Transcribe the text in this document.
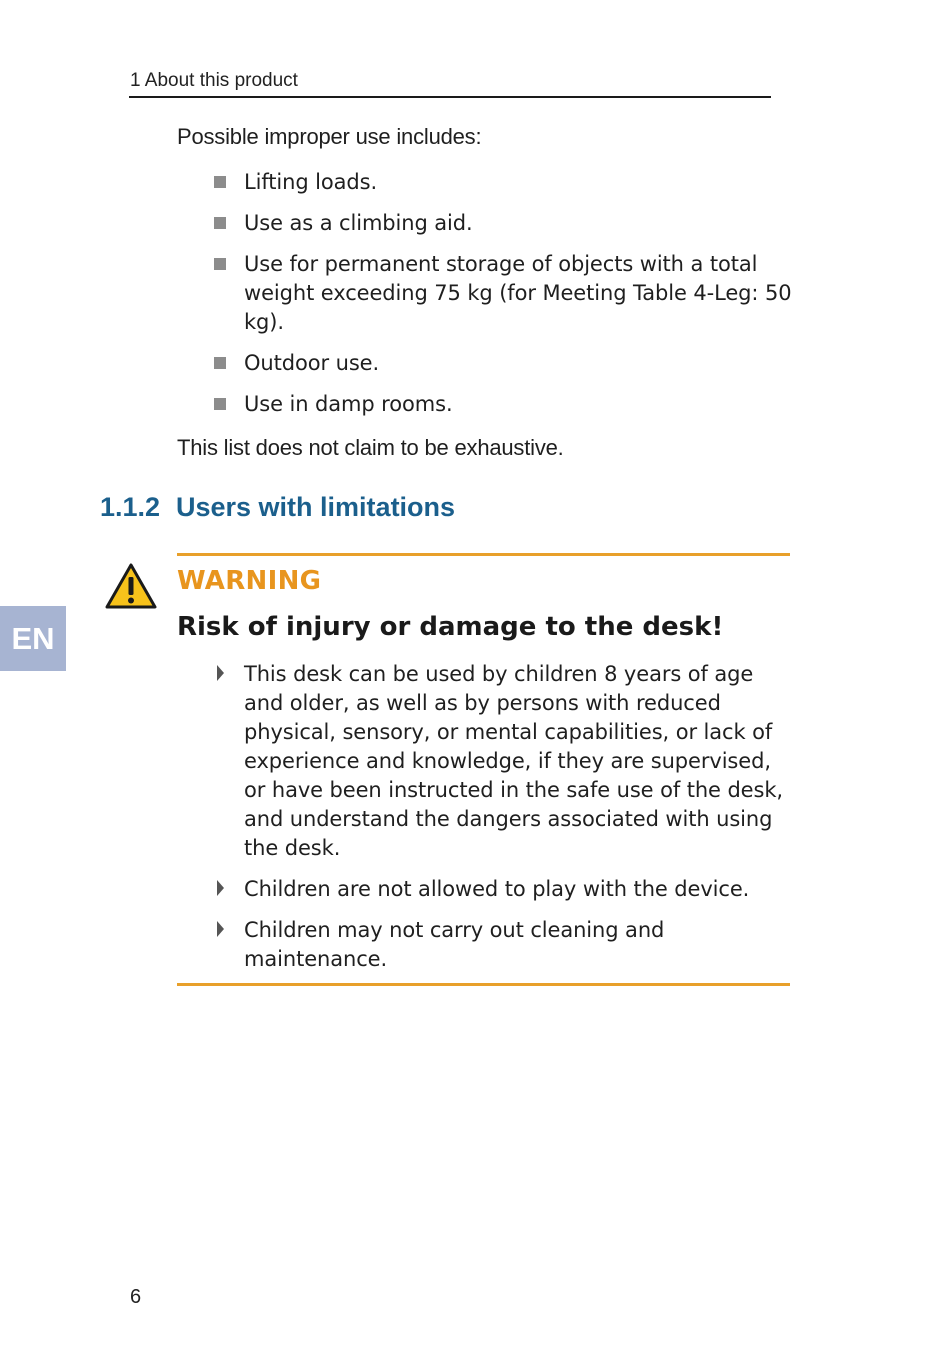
1 About this product
Possible improper use includes:
Lifting loads.
Use as a climbing aid.
Use for permanent storage of objects with a total weight exceeding 75 kg (for Meeting Table 4-Leg: 50 kg).
Outdoor use.
Use in damp rooms.
This list does not claim to be exhaustive.
1.1.2 Users with limitations
WARNING
Risk of injury or damage to the desk!
This desk can be used by children 8 years of age and older, as well as by persons with reduced physical, sensory, or mental capabilities, or lack of experience and knowledge, if they are supervised, or have been instructed in the safe use of the desk, and understand the dangers associated with using the desk.
Children are not allowed to play with the device.
Children may not carry out cleaning and maintenance.
EN
6
